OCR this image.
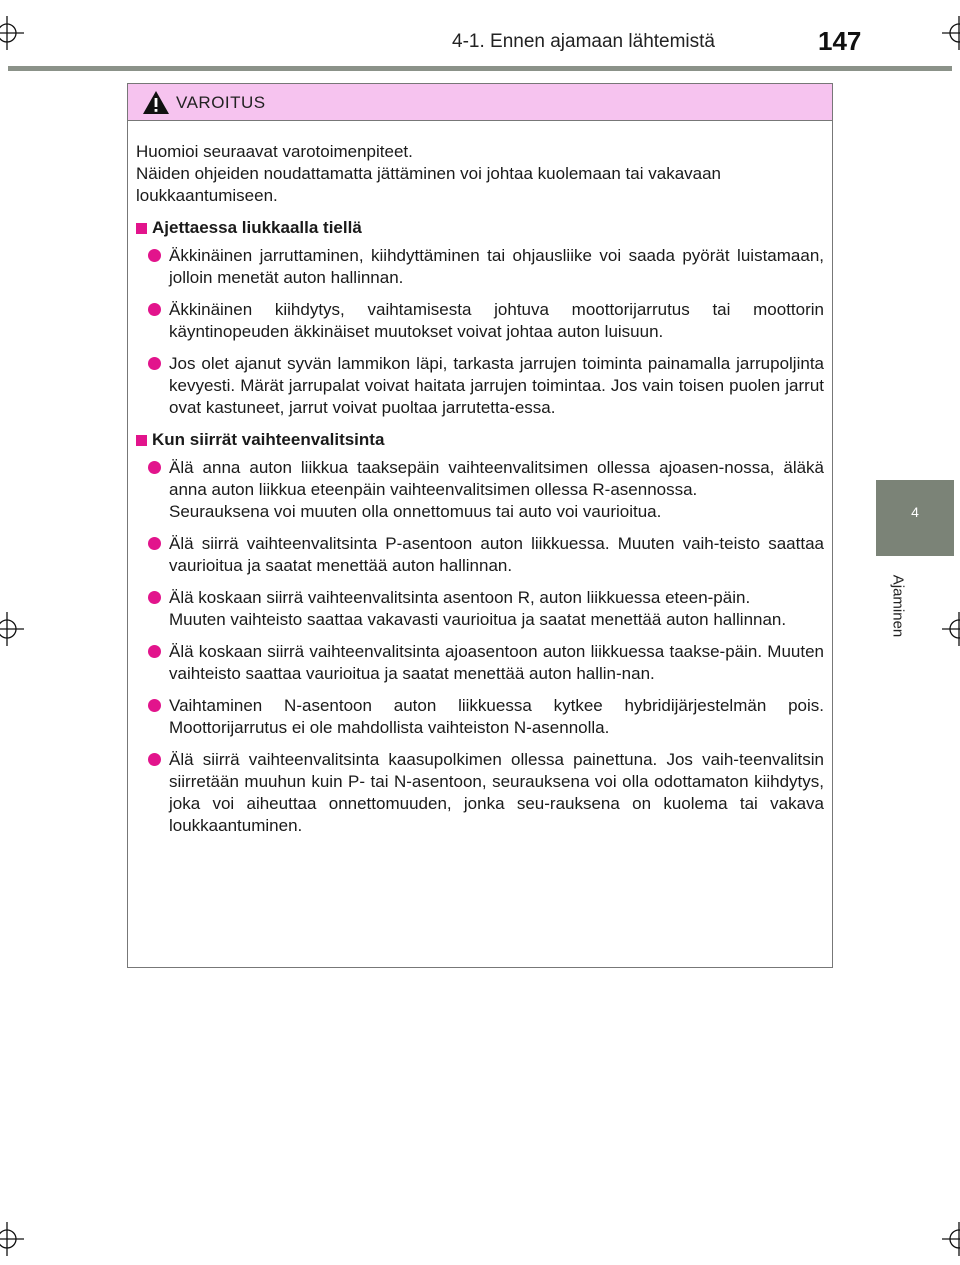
4-1. Ennen ajamaan lähtemistä	147
4
Ajaminen
VAROITUS
Huomioi seuraavat varotoimenpiteet.
Näiden ohjeiden noudattamatta jättäminen voi johtaa kuolemaan tai vakavaan
loukkaantumiseen.
Ajettaessa liukkaalla tiellä

Äkkinäinen jarruttaminen, kiihdyttäminen tai ohjausliike voi saada pyörät luistamaan, jolloin menetät auton hallinnan.

Äkkinäinen kiihdytys, vaihtamisesta johtuva moottorijarrutus tai moottorin käyntinopeuden äkkinäiset muutokset voivat johtaa auton luisuun.

Jos olet ajanut syvän lammikon läpi, tarkasta jarrujen toiminta painamalla jarrupoljinta kevyesti. Märät jarrupalat voivat haitata jarrujen toimintaa. Jos vain toisen puolen jarrut ovat kastuneet, jarrut voivat puoltaa jarrutetta-essa.

Kun siirrät vaihteenvalitsinta

Älä anna auton liikkua taaksepäin vaihteenvalitsimen ollessa ajoasen-nossa, äläkä anna auton liikkua eteenpäin vaihteenvalitsimen ollessa R-asennossa.

Seurauksena voi muuten olla onnettomuus tai auto voi vaurioitua.

Älä siirrä vaihteenvalitsinta P-asentoon auton liikkuessa. Muuten vaih-teisto saattaa vaurioitua ja saatat menettää auton hallinnan.

Älä koskaan siirrä vaihteenvalitsinta asentoon R, auton liikkuessa eteen-päin.

Muuten vaihteisto saattaa vakavasti vaurioitua ja saatat menettää auton hallinnan.

Älä koskaan siirrä vaihteenvalitsinta ajoasentoon auton liikkuessa taakse-päin. Muuten vaihteisto saattaa vaurioitua ja saatat menettää auton hallin-nan.

Vaihtaminen N-asentoon auton liikkuessa kytkee hybridijärjestelmän pois. Moottorijarrutus ei ole mahdollista vaihteiston N-asennolla.

Älä siirrä vaihteenvalitsinta kaasupolkimen ollessa painettuna. Jos vaih-teenvalitsin siirretään muuhun kuin P- tai N-asentoon, seurauksena voi olla odottamaton kiihdytys, joka voi aiheuttaa onnettomuuden, jonka seu-rauksena on kuolema tai vakava loukkaantuminen.
